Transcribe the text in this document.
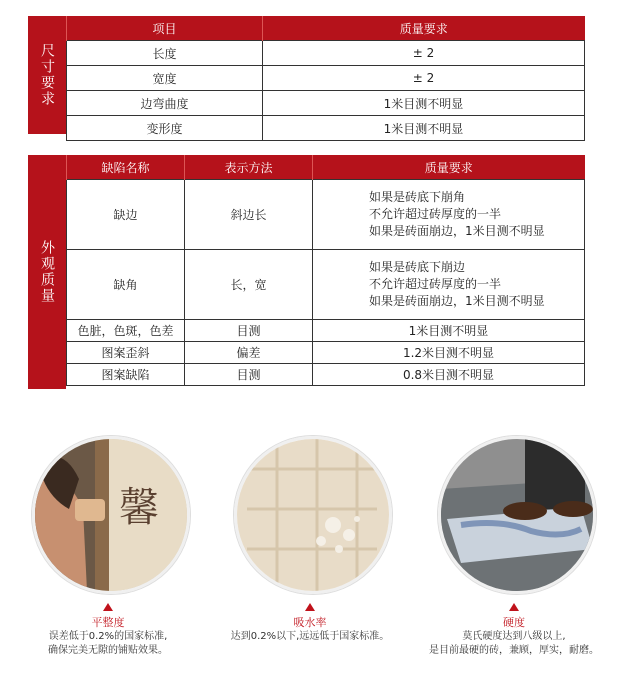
尺寸要求
项目	质量要求
长度	± 2
宽度	± 2
边弯曲度	1米目测不明显
变形度	1米目测不明显
外观质量
缺陷名称	表示方法	质量要求
缺边	斜边长	如果是砖底下崩角
不允许超过砖厚度的一半
如果是砖面崩边，1米目测不明显

缺角	长，宽	如果是砖底下崩边
不允许超过砖厚度的一半
如果是砖面崩边，1米目测不明显

色脏，色斑，色差	目测	1米目测不明显
图案歪斜	偏差	1.2米目测不明显
图案缺陷	目测	0.8米目测不明显
馨
平整度
误差低于0.2%的国家标准,
确保完美无隙的铺贴效果。
吸水率
达到0.2%以下,远远低于国家标准。
硬度
莫氏硬度达到八级以上,
是目前最硬的砖，兼顾，厚实，耐磨。
